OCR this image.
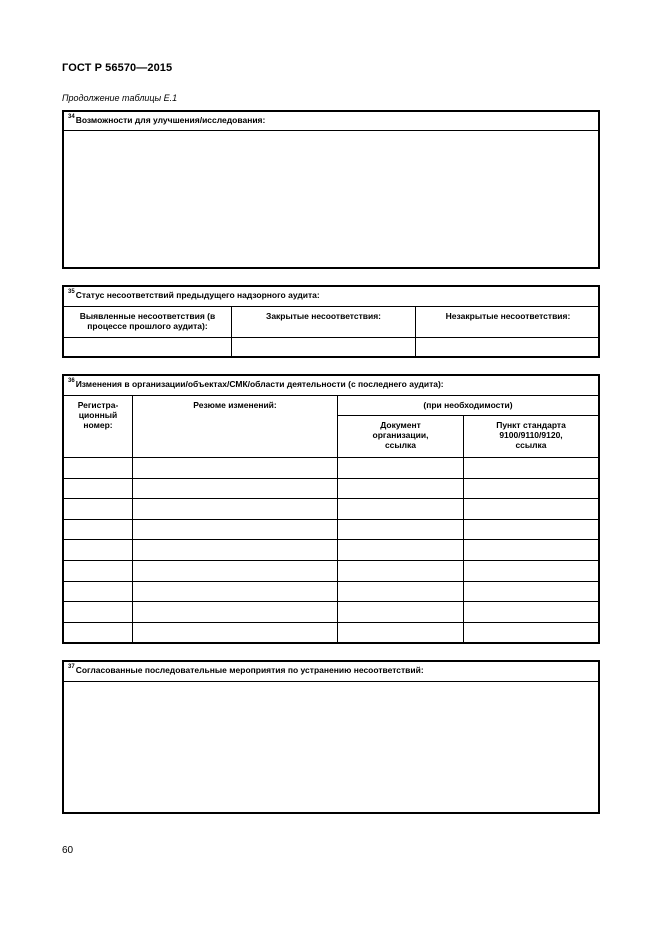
ГОСТ Р 56570—2015
Продолжение таблицы Е.1
$^{34}$Возможности для улучшения/исследования:
$^{35}$Статус несоответствий предыдущего надзорного аудита:
Выявленные несоответствия (в процессе прошлого аудита):
Закрытые несоответствия:	Незакрытые несоответствия:
$^{36}$Изменения в организации/объектах/СМК/области деятельности (с последнего аудита):
Регистра-
ционный
номер:
Резюме изменений:	(при необходимости)
Документ
организации,
ссылка
Пункт стандарта
9100/9110/9120,
ссылка
$^{37}$Согласованные последовательные мероприятия по устранению несоответствий:
60
